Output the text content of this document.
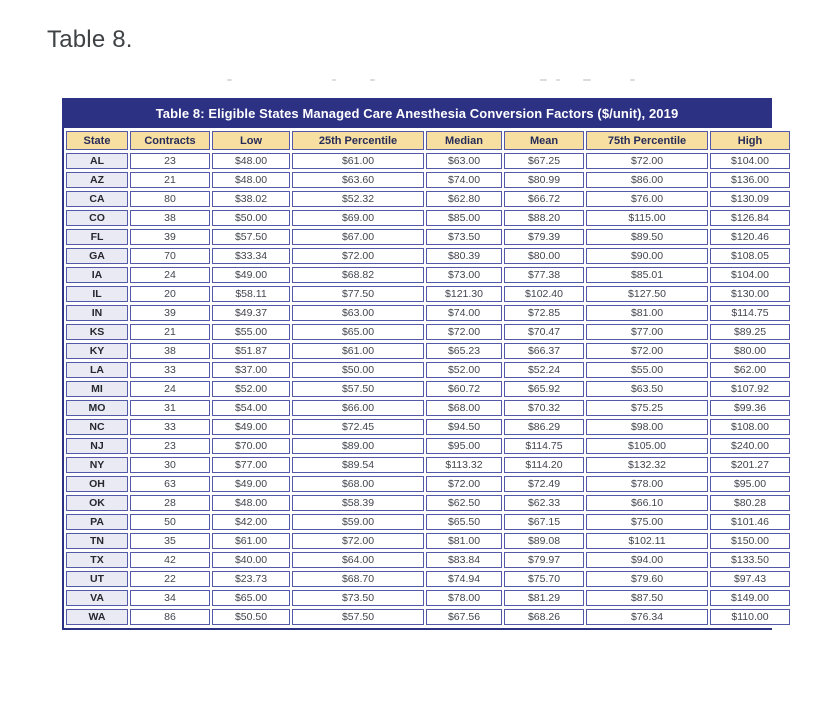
Table 8.
Table 8: Eligible States Managed Care Anesthesia Conversion Factors ($/unit), 2019
State	Contracts	Low	25th Percentile	Median	Mean	75th Percentile	High
AL	23	$48.00	$61.00	$63.00	$67.25	$72.00	$104.00
AZ	21	$48.00	$63.60	$74.00	$80.99	$86.00	$136.00
CA	80	$38.02	$52.32	$62.80	$66.72	$76.00	$130.09
CO	38	$50.00	$69.00	$85.00	$88.20	$115.00	$126.84
FL	39	$57.50	$67.00	$73.50	$79.39	$89.50	$120.46
GA	70	$33.34	$72.00	$80.39	$80.00	$90.00	$108.05
IA	24	$49.00	$68.82	$73.00	$77.38	$85.01	$104.00
IL	20	$58.11	$77.50	$121.30	$102.40	$127.50	$130.00
IN	39	$49.37	$63.00	$74.00	$72.85	$81.00	$114.75
KS	21	$55.00	$65.00	$72.00	$70.47	$77.00	$89.25
KY	38	$51.87	$61.00	$65.23	$66.37	$72.00	$80.00
LA	33	$37.00	$50.00	$52.00	$52.24	$55.00	$62.00
MI	24	$52.00	$57.50	$60.72	$65.92	$63.50	$107.92
MO	31	$54.00	$66.00	$68.00	$70.32	$75.25	$99.36
NC	33	$49.00	$72.45	$94.50	$86.29	$98.00	$108.00
NJ	23	$70.00	$89.00	$95.00	$114.75	$105.00	$240.00
NY	30	$77.00	$89.54	$113.32	$114.20	$132.32	$201.27
OH	63	$49.00	$68.00	$72.00	$72.49	$78.00	$95.00
OK	28	$48.00	$58.39	$62.50	$62.33	$66.10	$80.28
PA	50	$42.00	$59.00	$65.50	$67.15	$75.00	$101.46
TN	35	$61.00	$72.00	$81.00	$89.08	$102.11	$150.00
TX	42	$40.00	$64.00	$83.84	$79.97	$94.00	$133.50
UT	22	$23.73	$68.70	$74.94	$75.70	$79.60	$97.43
VA	34	$65.00	$73.50	$78.00	$81.29	$87.50	$149.00
WA	86	$50.50	$57.50	$67.56	$68.26	$76.34	$110.00
